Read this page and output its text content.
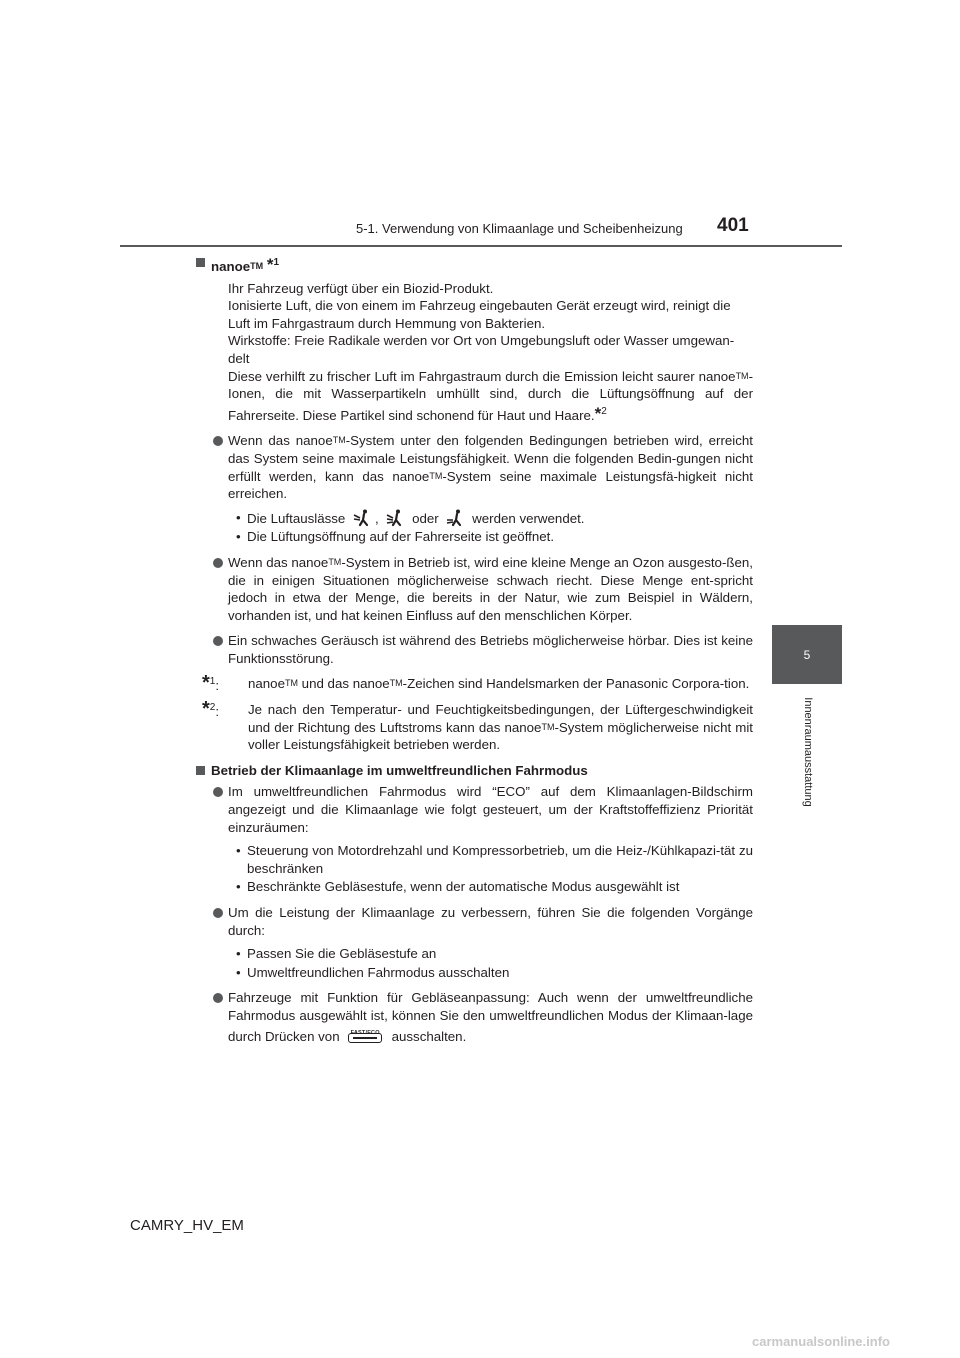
5-1. Verwendung von Klimaanlage und Scheibenheizung 401
5
Innenraumausstattung
nanoeTM *$^1$

Ihr Fahrzeug verfügt über ein Biozid-Produkt.

Ionisierte Luft, die von einem im Fahrzeug eingebauten Gerät erzeugt wird, reinigt die Luft im Fahrgastraum durch Hemmung von Bakterien.

Wirkstoffe: Freie Radikale werden vor Ort von Umgebungsluft oder Wasser umgewan-delt

Diese verhilft zu frischer Luft im Fahrgastraum durch die Emission leicht saurer nanoeTM-Ionen, die mit Wasserpartikeln umhüllt sind, durch die Lüftungsöffnung auf der Fahrerseite. Diese Partikel sind schonend für Haut und Haare.*$^2$

Wenn das nanoeTM-System unter den folgenden Bedingungen betrieben wird, erreicht das System seine maximale Leistungsfähigkeit. Wenn die folgenden Bedin-gungen nicht erfüllt werden, kann das nanoeTM-System seine maximale Leistungsfä-higkeit nicht erreichen.
• Die Luftauslässe ,	oder	werden verwendet.
• Die Lüftungsöffnung auf der Fahrerseite ist geöffnet.
Wenn das nanoeTM-System in Betrieb ist, wird eine kleine Menge an Ozon ausgesto-ßen, die in einigen Situationen möglicherweise schwach riecht. Diese Menge ent-spricht jedoch in etwa der Menge, die bereits in der Natur, wie zum Beispiel in Wäldern, vorhanden ist, und hat keinen Einfluss auf den menschlichen Körper.
Ein schwaches Geräusch ist während des Betriebs möglicherweise hörbar. Dies ist keine Funktionsstörung.
*$^1$: nanoeTM und das nanoeTM-Zeichen sind Handelsmarken der Panasonic Corpora-tion.
*$^2$: Je nach den Temperatur- und Feuchtigkeitsbedingungen, der Lüftergeschwindigkeit und der Richtung des Luftstroms kann das nanoeTM-System möglicherweise nicht mit voller Leistungsfähigkeit betrieben werden.
Betrieb der Klimaanlage im umweltfreundlichen Fahrmodus
Im umweltfreundlichen Fahrmodus wird “ECO” auf dem Klimaanlagen-Bildschirm angezeigt und die Klimaanlage wie folgt gesteuert, um der Kraftstoffeffizienz Priorität einzuräumen:
• Steuerung von Motordrehzahl und Kompressorbetrieb, um die Heiz-/Kühlkapazi-tät zu beschränken
• Beschränkte Gebläsestufe, wenn der automatische Modus ausgewählt ist
Um die Leistung der Klimaanlage zu verbessern, führen Sie die folgenden Vorgänge durch:
• Passen Sie die Gebläsestufe an
• Umweltfreundlichen Fahrmodus ausschalten
Fahrzeuge mit Funktion für Gebläseanpassung: Auch wenn der umweltfreundliche Fahrmodus ausgewählt ist, können Sie den umweltfreundlichen Modus der Klimaan-lage durch Drücken von FAST/ECO ausschalten.
CAMRY_HV_EM
carmanualsonline.info
